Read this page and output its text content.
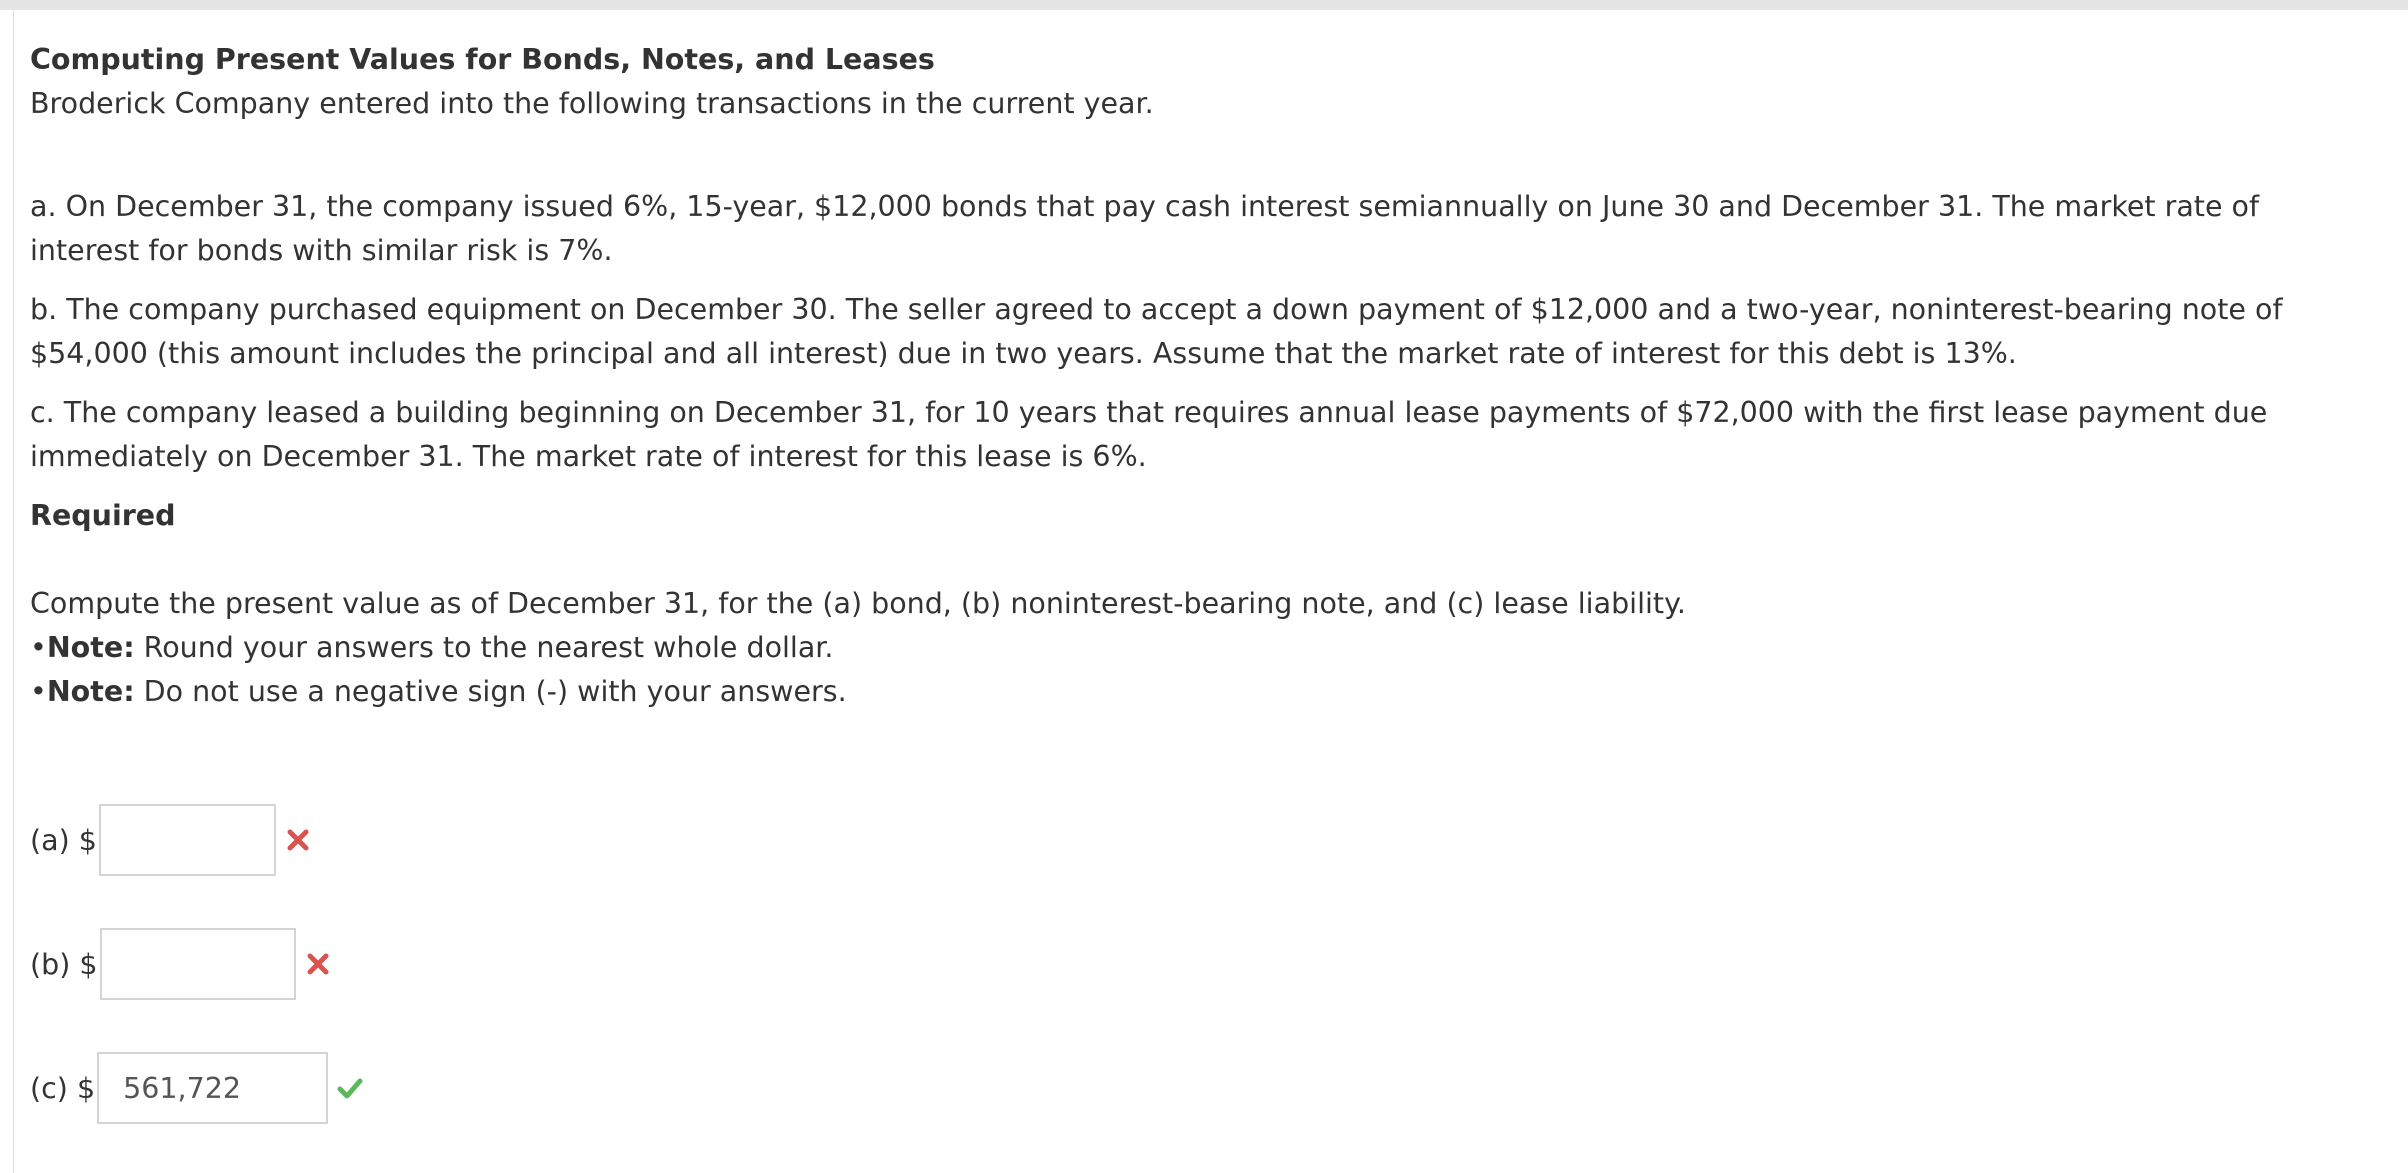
Computing Present Values for Bonds, Notes, and Leases

Broderick Company entered into the following transactions in the current year.

a. On December 31, the company issued 6%, 15-year, $12,000 bonds that pay cash interest semiannually on June 30 and December 31. The market rate of interest for bonds with similar risk is 7%.

b. The company purchased equipment on December 30. The seller agreed to accept a down payment of $12,000 and a two-year, noninterest-bearing note of $54,000 (this amount includes the principal and all interest) due in two years. Assume that the market rate of interest for this debt is 13%.

c. The company leased a building beginning on December 31, for 10 years that requires annual lease payments of $72,000 with the first lease payment due immediately on December 31. The market rate of interest for this lease is 6%.

Required

Compute the present value as of December 31, for the (a) bond, (b) noninterest-bearing note, and (c) lease liability.

•Note: Round your answers to the nearest whole dollar.

•Note: Do not use a negative sign (-) with your answers.

(a) $
(b) $
(c) $
561,722
